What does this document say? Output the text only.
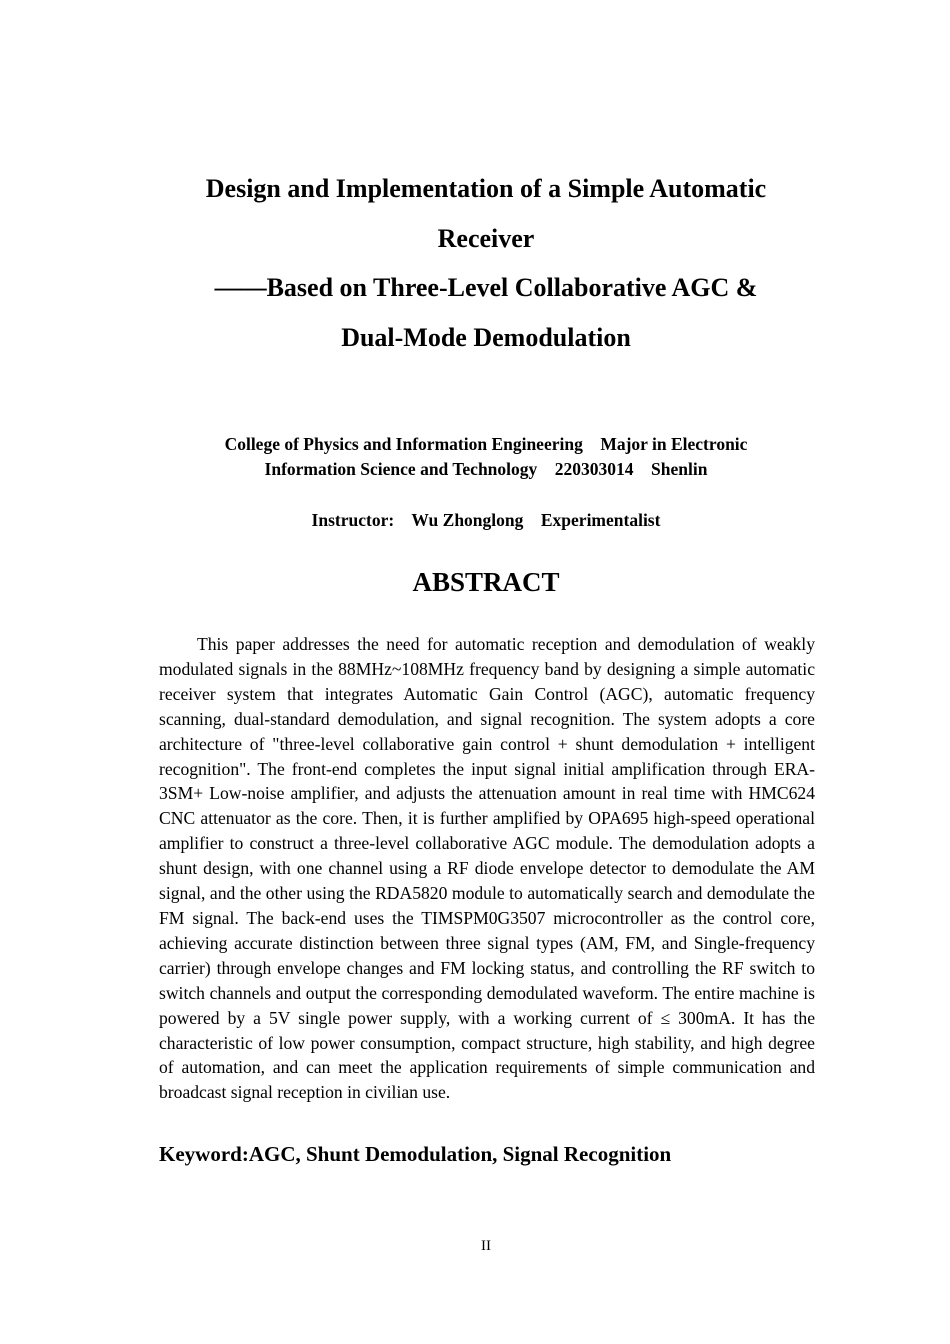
Design and Implementation of a Simple Automatic
Receiver
——Based on Three-Level Collaborative AGC &
Dual-Mode Demodulation
College of Physics and Information Engineering    Major in Electronic
Information Science and Technology    220303014    Shenlin
Instructor:    Wu Zhonglong    Experimentalist
ABSTRACT

This paper addresses the need for automatic reception and demodulation of weakly modulated signals in the 88MHz~108MHz frequency band by designing a simple automatic receiver system that integrates Automatic Gain Control (AGC), automatic frequency scanning, dual-standard demodulation, and signal recognition. The system adopts a core architecture of "three-level collaborative gain control + shunt demodulation + intelligent recognition". The front-end completes the input signal initial amplification through ERA-3SM+ Low-noise amplifier, and adjusts the attenuation amount in real time with HMC624 CNC attenuator as the core. Then, it is further amplified by OPA695 high-speed operational amplifier to construct a three-level collaborative AGC module. The demodulation adopts a shunt design, with one channel using a RF diode envelope detector to demodulate the AM signal, and the other using the RDA5820 module to automatically search and demodulate the FM signal. The back-end uses the TIMSPM0G3507 microcontroller as the control core, achieving accurate distinction between three signal types (AM, FM, and Single-frequency carrier) through envelope changes and FM locking status, and controlling the RF switch to switch channels and output the corresponding demodulated waveform. The entire machine is powered by a 5V single power supply, with a working current of ≤ 300mA. It has the characteristic of low power consumption, compact structure, high stability, and high degree of automation, and can meet the application requirements of simple communication and broadcast signal reception in civilian use.

Keyword:AGC, Shunt Demodulation, Signal Recognition
II
